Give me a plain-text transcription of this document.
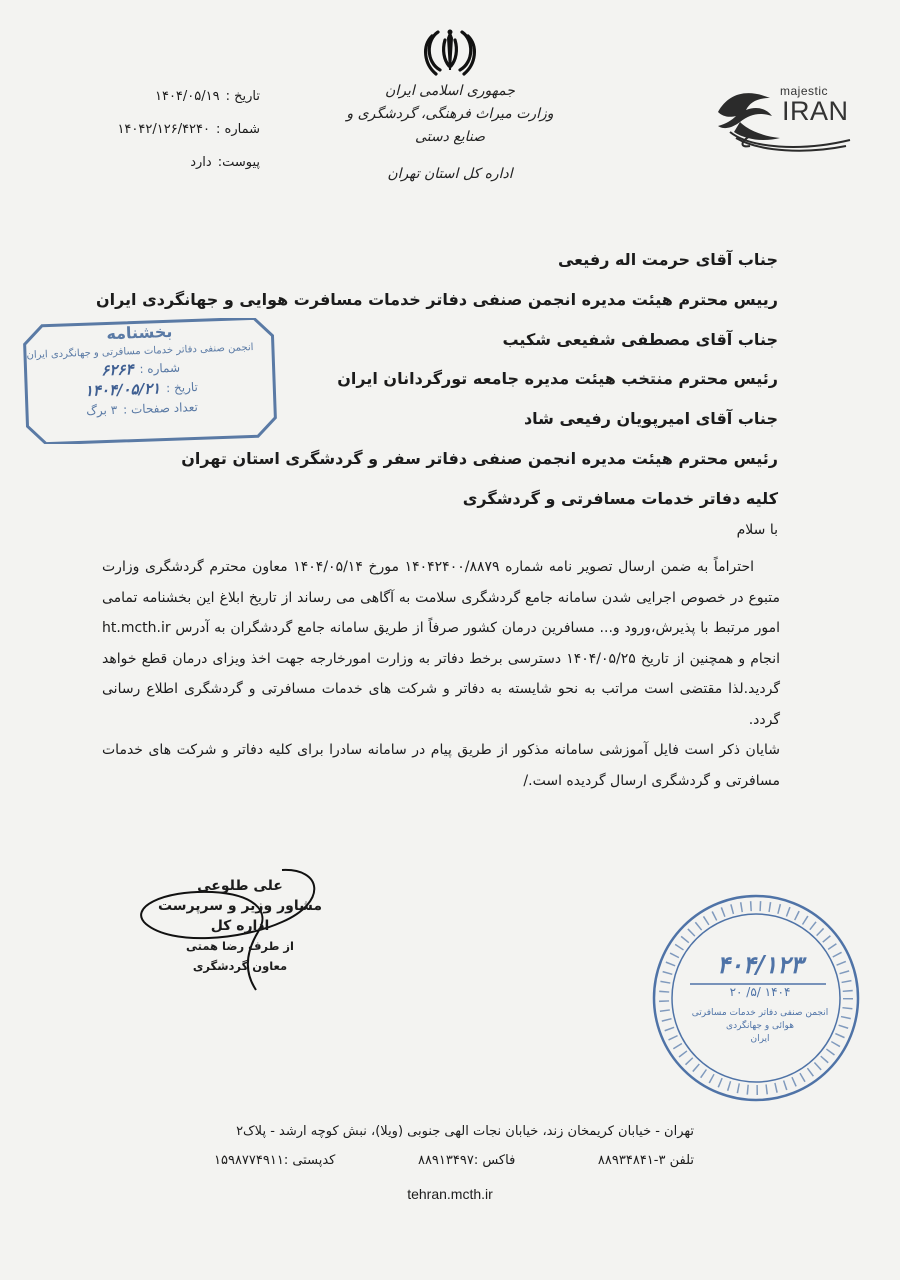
جمهوری اسلامی ایران
وزارت میراث فرهنگی، گردشگری و صنایع دستی
اداره کل استان تهران
majestic
IRAN
تاریخ :
۱۴۰۴/۰۵/۱۹
شماره :
۱۴۰۴۲/۱۲۶/۴۲۴۰
پیوست:
دارد
جناب آقای حرمت اله رفیعی
رییس محترم هیئت مدیره انجمن صنفی دفاتر خدمات مسافرت هوایی و جهانگردی ایران
جناب آقای مصطفی شفیعی شکیب
رئیس محترم منتخب هیئت مدیره جامعه تورگردانان ایران
جناب آقای امیرپویان رفیعی شاد
رئیس محترم هیئت مدیره انجمن صنفی دفاتر سفر و گردشگری استان تهران
کلیه دفاتر خدمات مسافرتی و گردشگری
بخشنامه
انجمن صنفی دفاتر خدمات مسافرتی و جهانگردی ایران
شماره :
۶۲۶۴
تاریخ :
۱۴۰۴/۰۵/۲۱
تعداد صفحات :
۳ برگ
با سلام

احتراماً به ضمن ارسال تصویر نامه شماره ۱۴۰۴۲۴۰۰/۸۸۷۹ مورخ ۱۴۰۴/۰۵/۱۴ معاون محترم گردشگری وزارت متبوع در خصوص اجرایی شدن سامانه جامع گردشگری سلامت به آگاهی می رساند از تاریخ ابلاغ این بخشنامه تمامی امور مرتبط با پذیرش،ورود و... مسافرین درمان کشور صرفاً از طریق سامانه جامع گردشگران به آدرس ht.mcth.ir انجام و همچنین از تاریخ ۱۴۰۴/۰۵/۲۵ دسترسی برخط دفاتر به وزارت امورخارجه جهت اخذ ویزای درمان قطع خواهد گردید.لذا مقتضی است مراتب به نحو شایسته به دفاتر و شرکت های خدمات مسافرتی و گردشگری اطلاع رسانی گردد.

شایان ذکر است فایل آموزشی سامانه مذکور از طریق پیام در سامانه سادرا برای کلیه دفاتر و شرکت های خدمات مسافرتی و گردشگری ارسال گردیده است./

علی طلوعی
مشاور وزیر و سرپرست اداره کل
از طرف رضا همتی
معاون گردشگری	۴۰۴/۱۲۳
۱۴۰۴ /۵/ ۲۰
انجمن صنفی دفاتر خدمات مسافرتی
هوائی و جهانگردی
ایران
تهران - خیابان کریمخان زند، خیابان نجات الهی جنوبی (ویلا)، نبش کوچه ارشد - پلاک۲
تلفن ۳-۸۸۹۳۴۸۴۱
فاکس :۸۸۹۱۳۴۹۷
کدپستی :۱۵۹۸۷۷۴۹۱۱
tehran.mcth.ir
